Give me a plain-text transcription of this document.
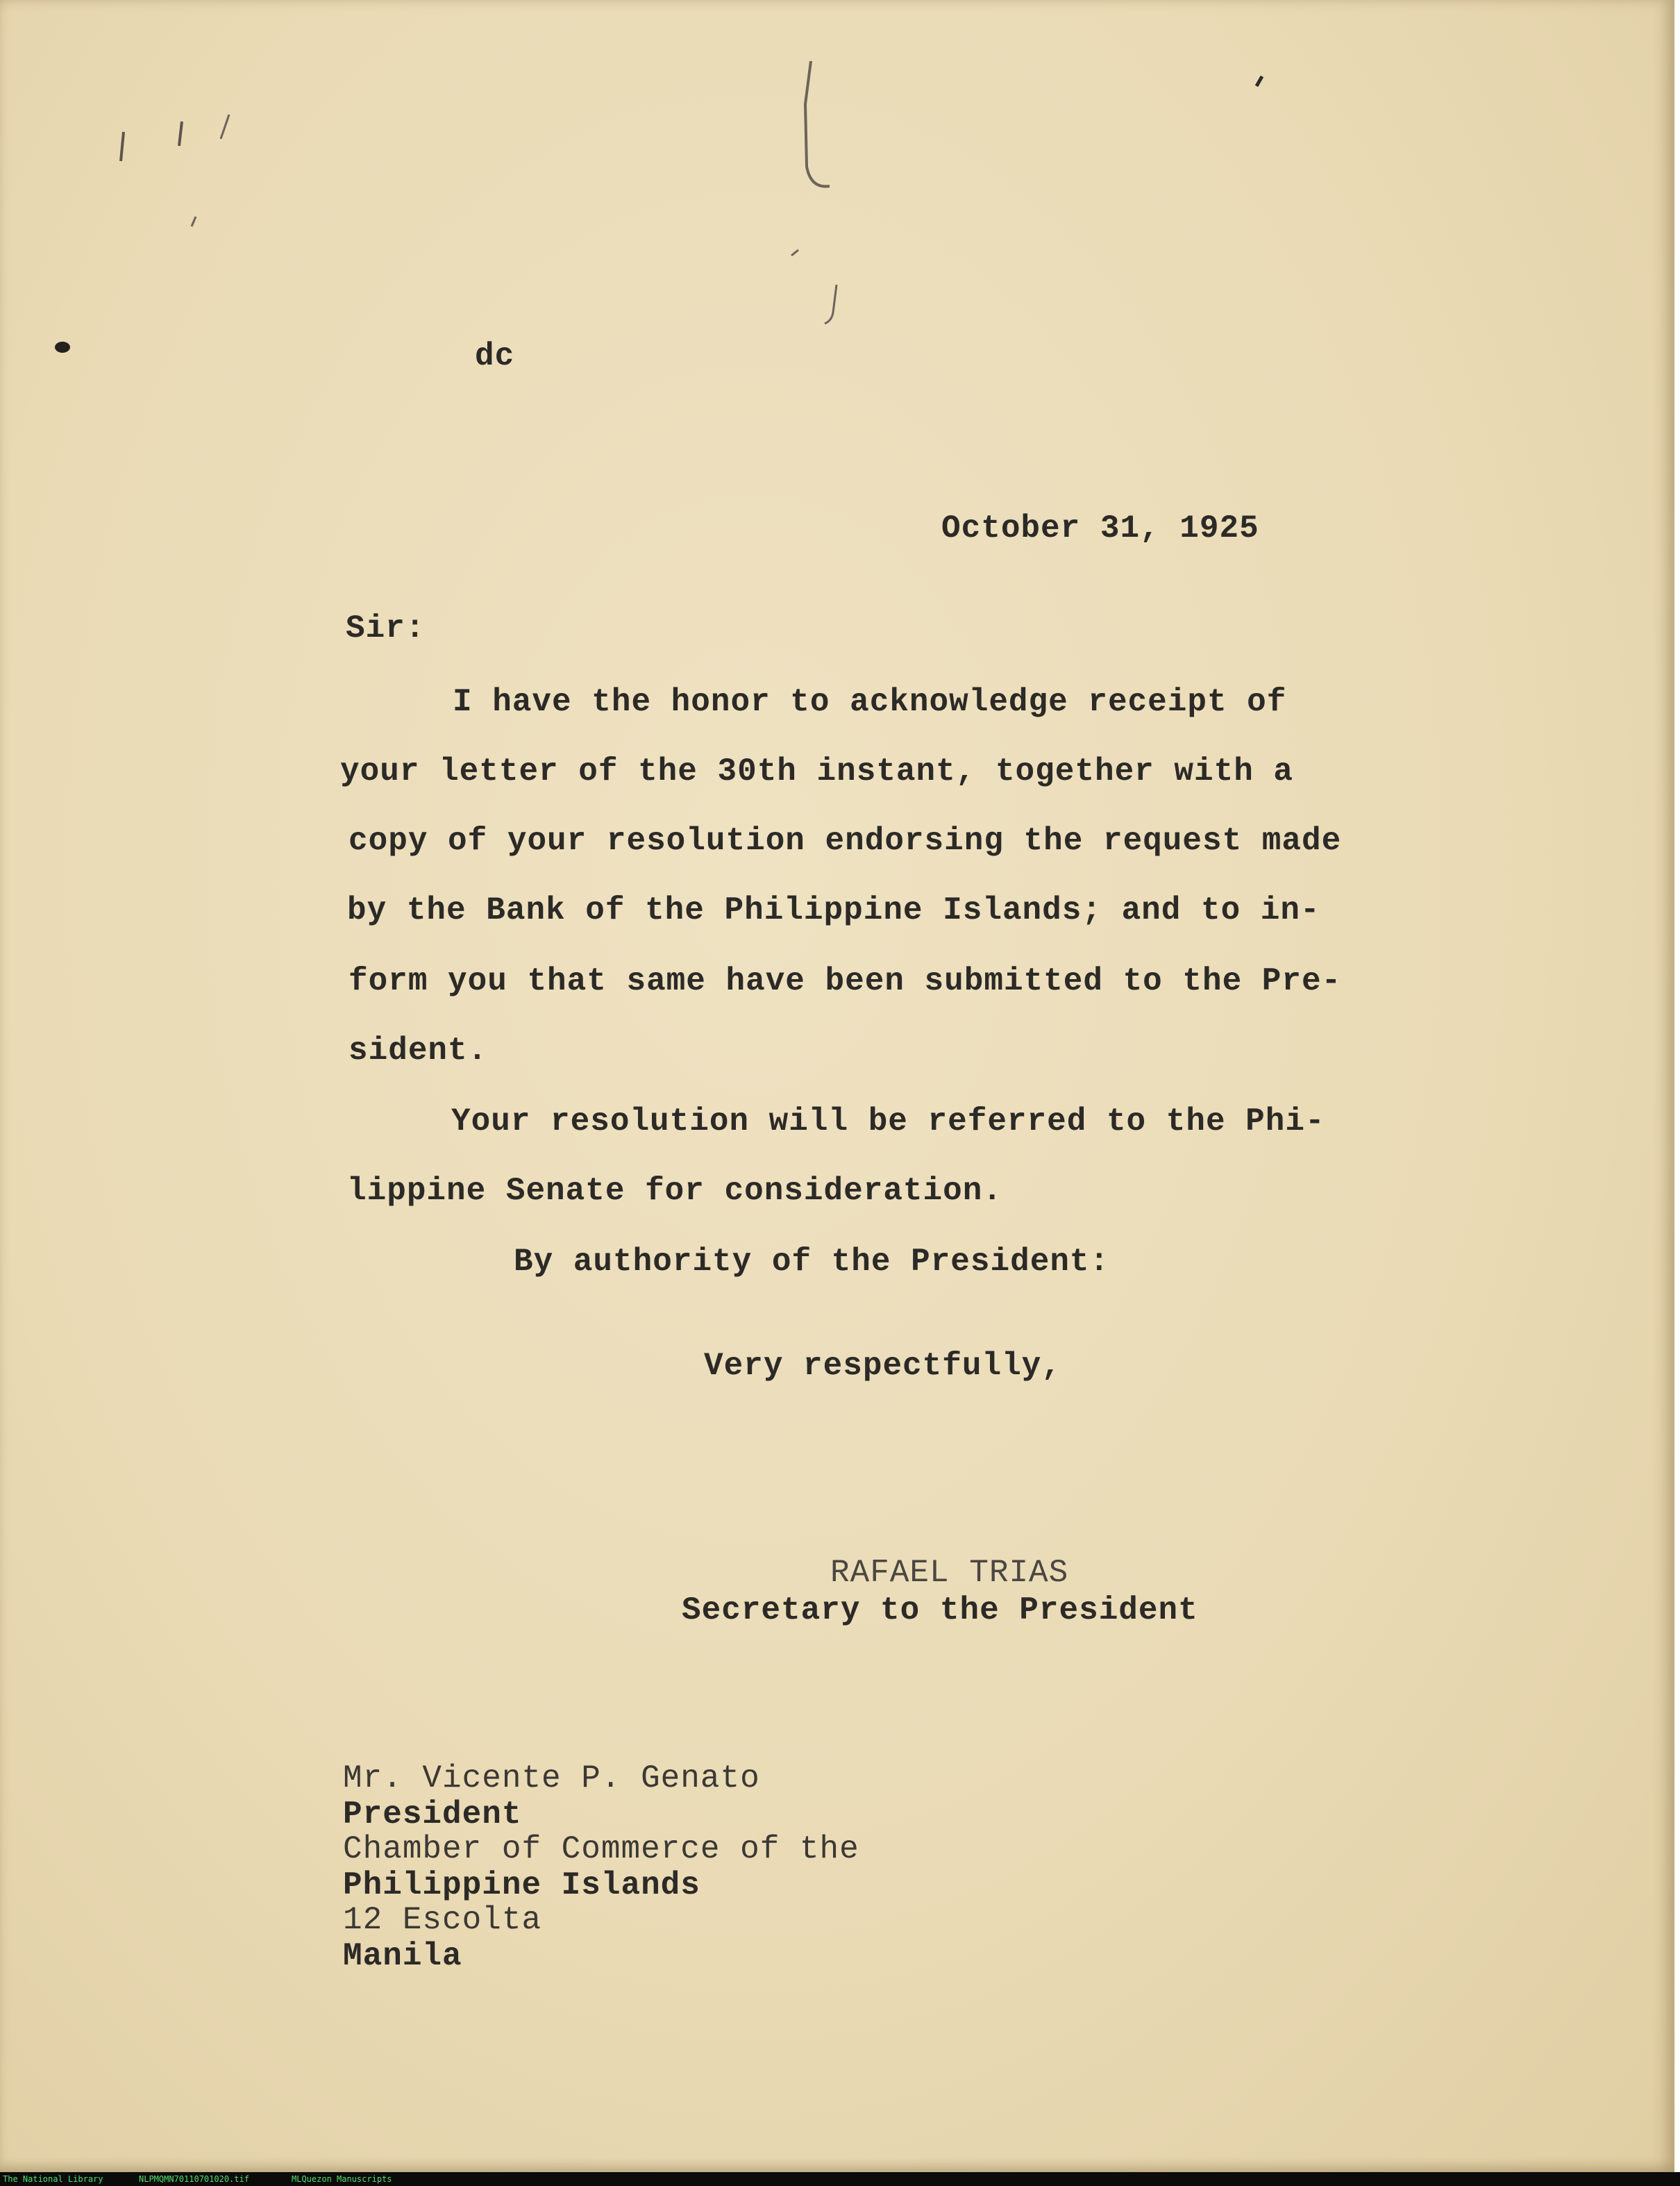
dc
October 31, 1925
Sir:
I have the honor to acknowledge receipt of
your letter of the 30th instant, together with a
copy of your resolution endorsing the request made
by the Bank of the Philippine Islands; and to in-
form you that same have been submitted to the Pre-
sident.
Your resolution will be referred to the Phi-
lippine Senate for consideration.
By authority of the President:
Very respectfully,
RAFAEL TRIAS
Secretary to the President
Mr. Vicente P. Genato
President
Chamber of Commerce of the
Philippine Islands
12 Escolta
Manila
The National Library	NLPMQMN70110701020.tif	MLQuezon Manuscripts
